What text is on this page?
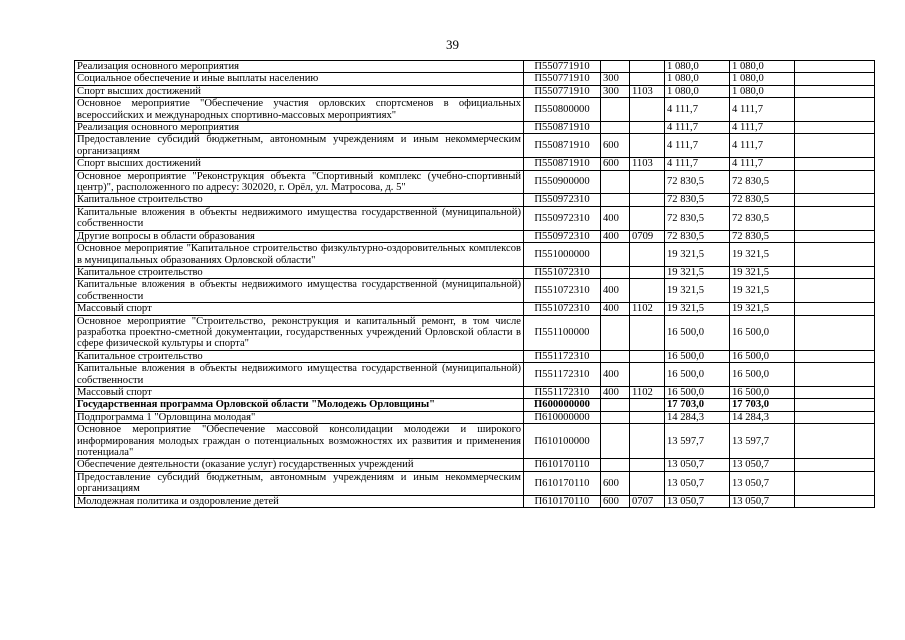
39
Реализация основного мероприятия	П550771910			1 080,0	1 080,0	
Социальное обеспечение и иные выплаты населению	П550771910	300		1 080,0	1 080,0	
Спорт высших достижений	П550771910	300	1103	1 080,0	1 080,0	
Основное мероприятие "Обеспечение участия орловских спортсменов в официальных всероссийских и международных спортивно-массовых мероприятиях"	П550800000			4 111,7	4 111,7	
Реализация основного мероприятия	П550871910			4 111,7	4 111,7	
Предоставление субсидий бюджетным, автономным учреждениям и иным некоммерческим организациям	П550871910	600		4 111,7	4 111,7	
Спорт высших достижений	П550871910	600	1103	4 111,7	4 111,7	
Основное мероприятие "Реконструкция объекта "Спортивный комплекс (учебно-спортивный центр)", расположенного по адресу: 302020, г. Орёл, ул. Матросова, д. 5"	П550900000			72 830,5	72 830,5	
Капитальное строительство	П550972310			72 830,5	72 830,5	
Капитальные вложения в объекты недвижимого имущества государственной (муниципальной) собственности	П550972310	400		72 830,5	72 830,5	
Другие вопросы в области образования	П550972310	400	0709	72 830,5	72 830,5	
Основное мероприятие "Капитальное строительство физкультурно-оздоровительных комплексов в муниципальных образованиях Орловской области"	П551000000			19 321,5	19 321,5	
Капитальное строительство	П551072310			19 321,5	19 321,5	
Капитальные вложения в объекты недвижимого имущества государственной (муниципальной) собственности	П551072310	400		19 321,5	19 321,5	
Массовый спорт	П551072310	400	1102	19 321,5	19 321,5	
Основное мероприятие "Строительство, реконструкция и капитальный ремонт, в том числе разработка проектно-сметной документации, государственных учреждений Орловской области в сфере физической культуры и спорта"	П551100000			16 500,0	16 500,0	
Капитальное строительство	П551172310			16 500,0	16 500,0	
Капитальные вложения в объекты недвижимого имущества государственной (муниципальной) собственности	П551172310	400		16 500,0	16 500,0	
Массовый спорт	П551172310	400	1102	16 500,0	16 500,0	
Государственная программа Орловской области "Молодежь Орловщины"	П600000000			17 703,0	17 703,0	
Подпрограмма 1 "Орловщина молодая"	П610000000			14 284,3	14 284,3	
Основное мероприятие "Обеспечение массовой консолидации молодежи и широкого информирования молодых граждан о потенциальных возможностях их развития и применения потенциала"	П610100000			13 597,7	13 597,7	
Обеспечение деятельности (оказание услуг) государственных учреждений	П610170110			13 050,7	13 050,7	
Предоставление субсидий бюджетным, автономным учреждениям и иным некоммерческим организациям	П610170110	600		13 050,7	13 050,7	
Молодежная политика и оздоровление детей	П610170110	600	0707	13 050,7	13 050,7	
